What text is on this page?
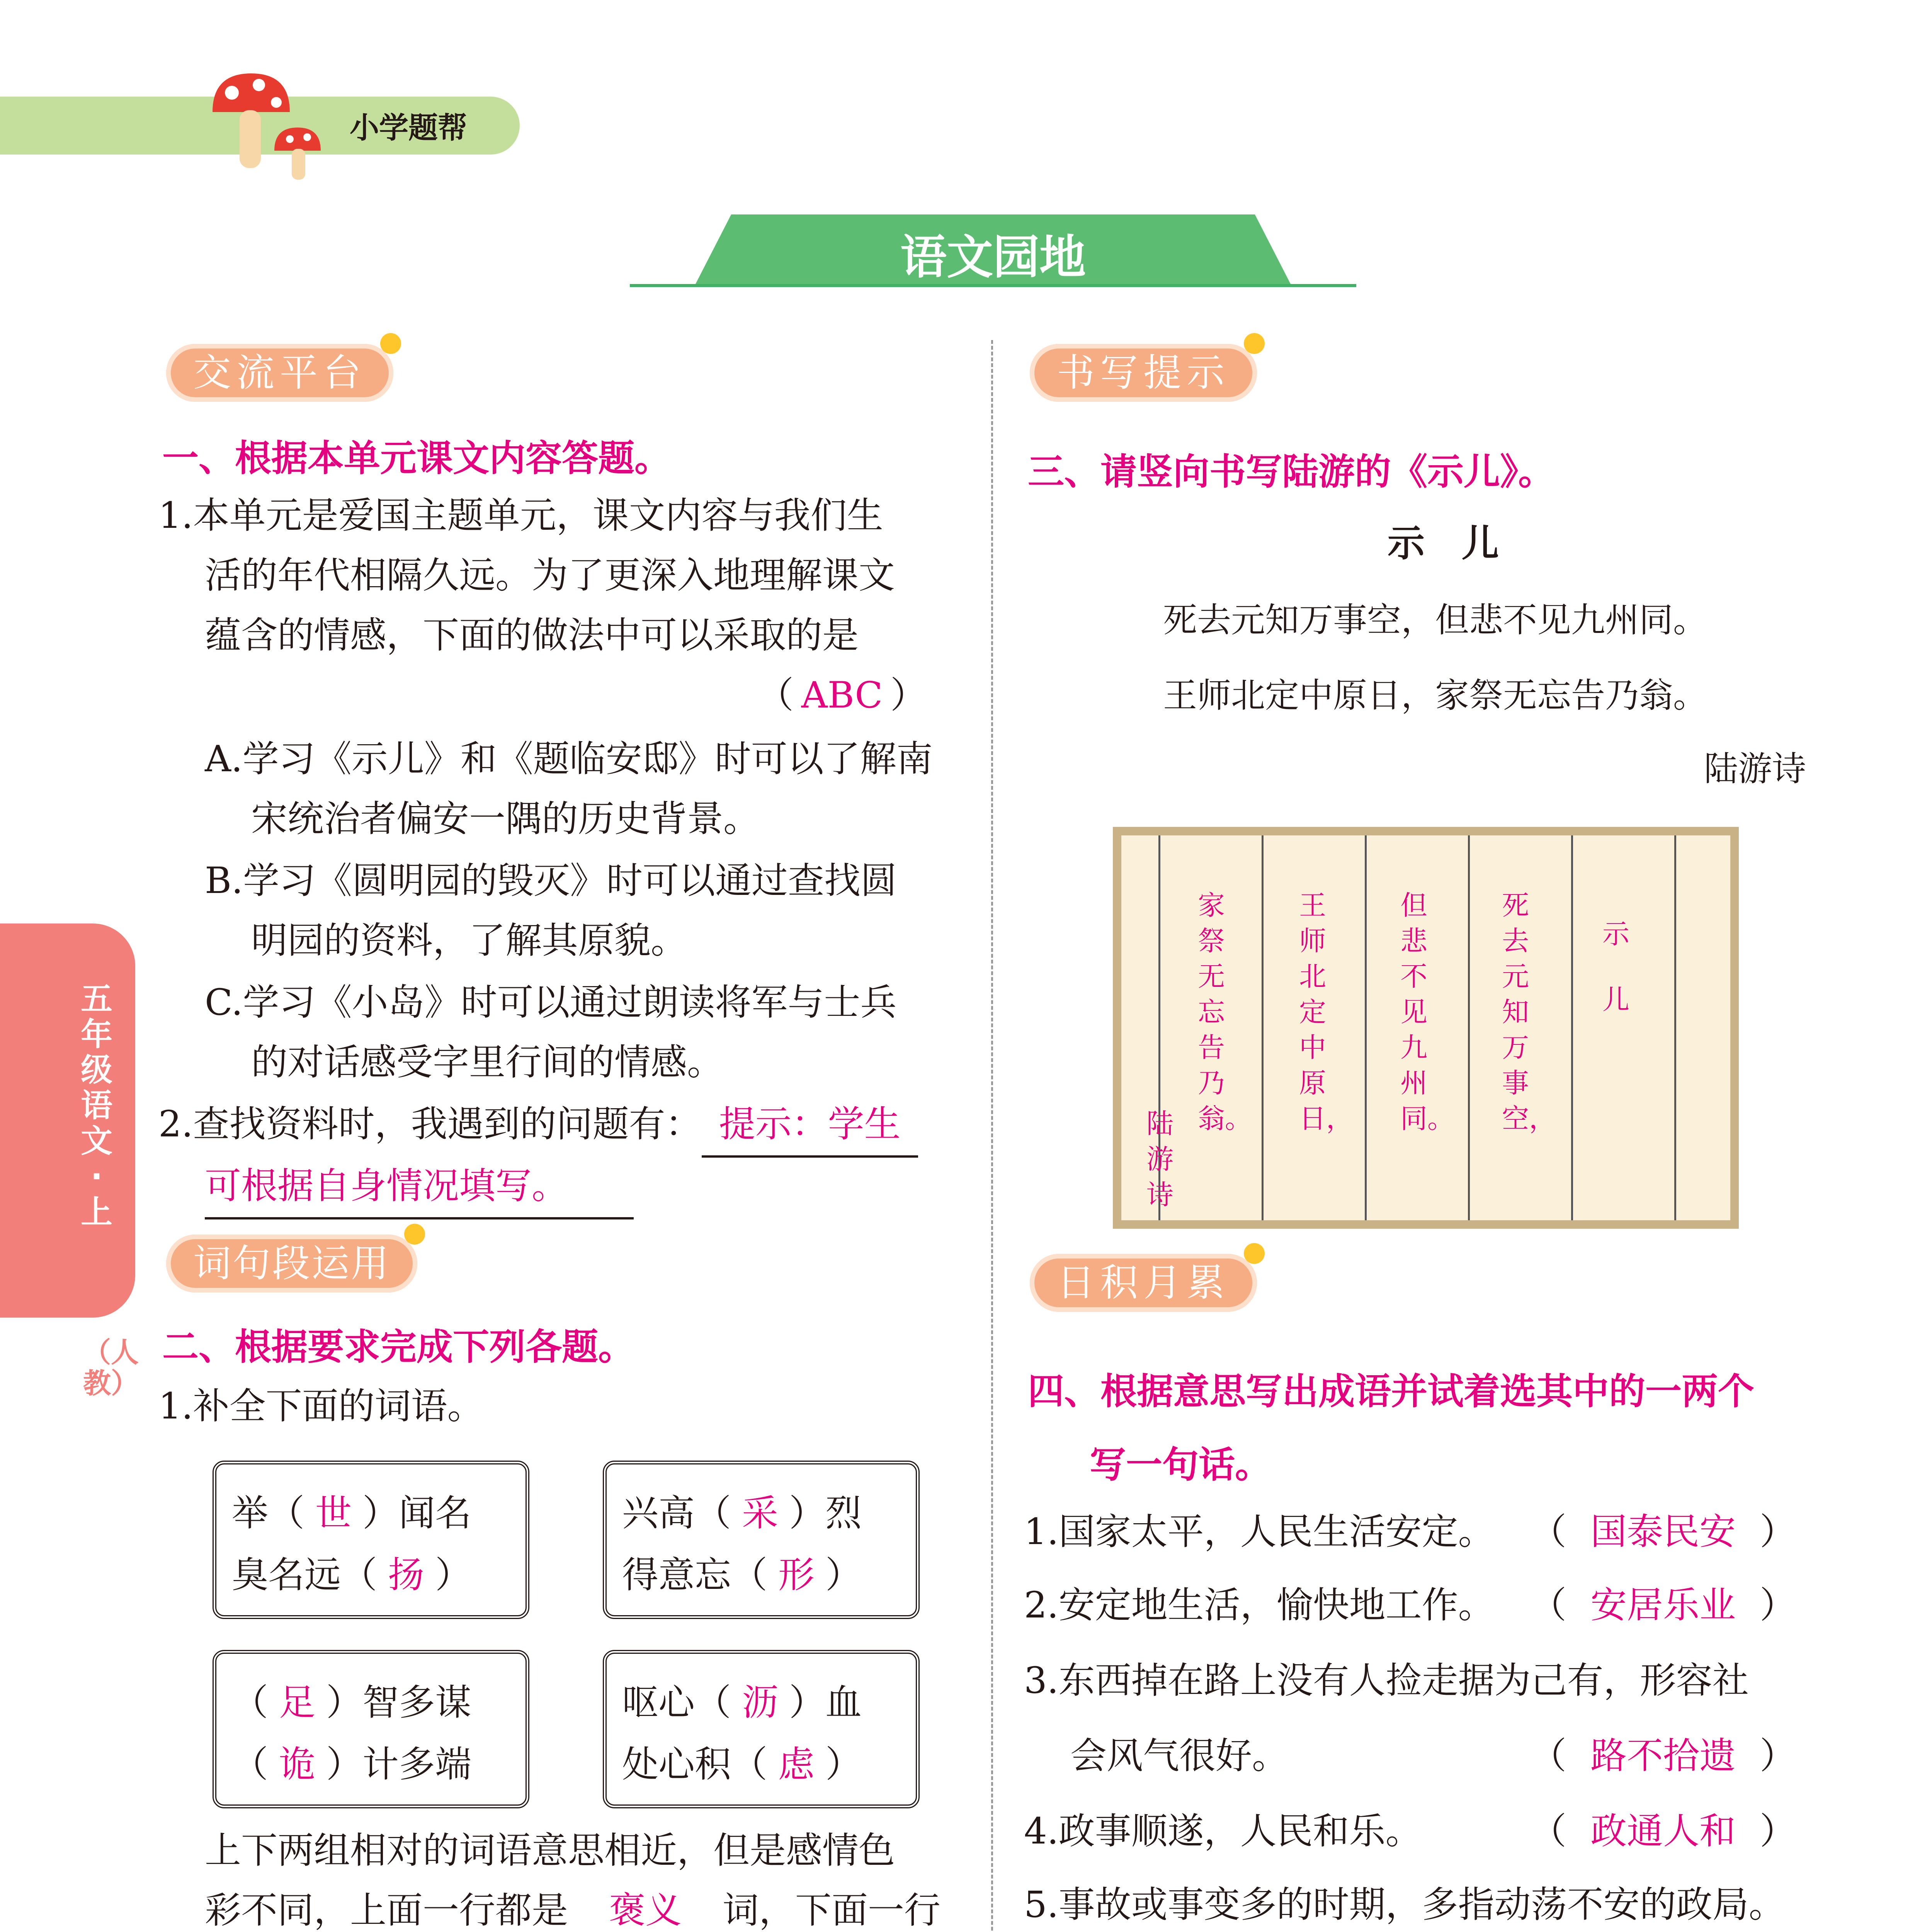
小学题帮
语文园地
五年级语文·上
（人教）
交流平台
一、根据本单元课文内容答题。
1.本单元是爱国主题单元，课文内容与我们生
活的年代相隔久远。为了更深入地理解课文
蕴含的情感，下面的做法中可以采取的是
（ ABC ）
A.学习《示儿》和《题临安邸》时可以了解南
宋统治者偏安一隅的历史背景。
B.学习《圆明园的毁灭》时可以通过查找圆
明园的资料，了解其原貌。
C.学习《小岛》时可以通过朗读将军与士兵
的对话感受字里行间的情感。
2.查找资料时，我遇到的问题有： 提示：学生
可根据自身情况填写。
词句段运用
二、根据要求完成下列各题。
1.补全下面的词语。
举（ 世 ）闻名
臭名远（ 扬 ）
兴高（ 采 ）烈
得意忘（ 形 ）
（ 足 ）智多谋
（ 诡 ）计多端
呕心（ 沥 ）血
处心积（ 虑 ）
上下两组相对的词语意思相近，但是感情色
彩不同，上面一行都是 褒义 词，下面一行
书写提示
三、请竖向书写陆游的《示儿》。
示　儿
死去元知万事空，但悲不见九州同。
王师北定中原日，家祭无忘告乃翁。
陆游诗
示儿
死去元知万事空，
但悲不见九州同。
王师北定中原日，
家祭无忘告乃翁。
陆游诗
日积月累
四、根据意思写出成语并试着选其中的一两个
写一句话。
1.国家太平，人民生活安定。 （ 国泰民安 ）
2.安定地生活，愉快地工作。 （ 安居乐业 ）
3.东西掉在路上没有人捡走据为己有，形容社
会风气很好。	（ 路不拾遗 ）
4.政事顺遂，人民和乐。	（ 政通人和 ）
5.事故或事变多的时期，多指动荡不安的政局。
